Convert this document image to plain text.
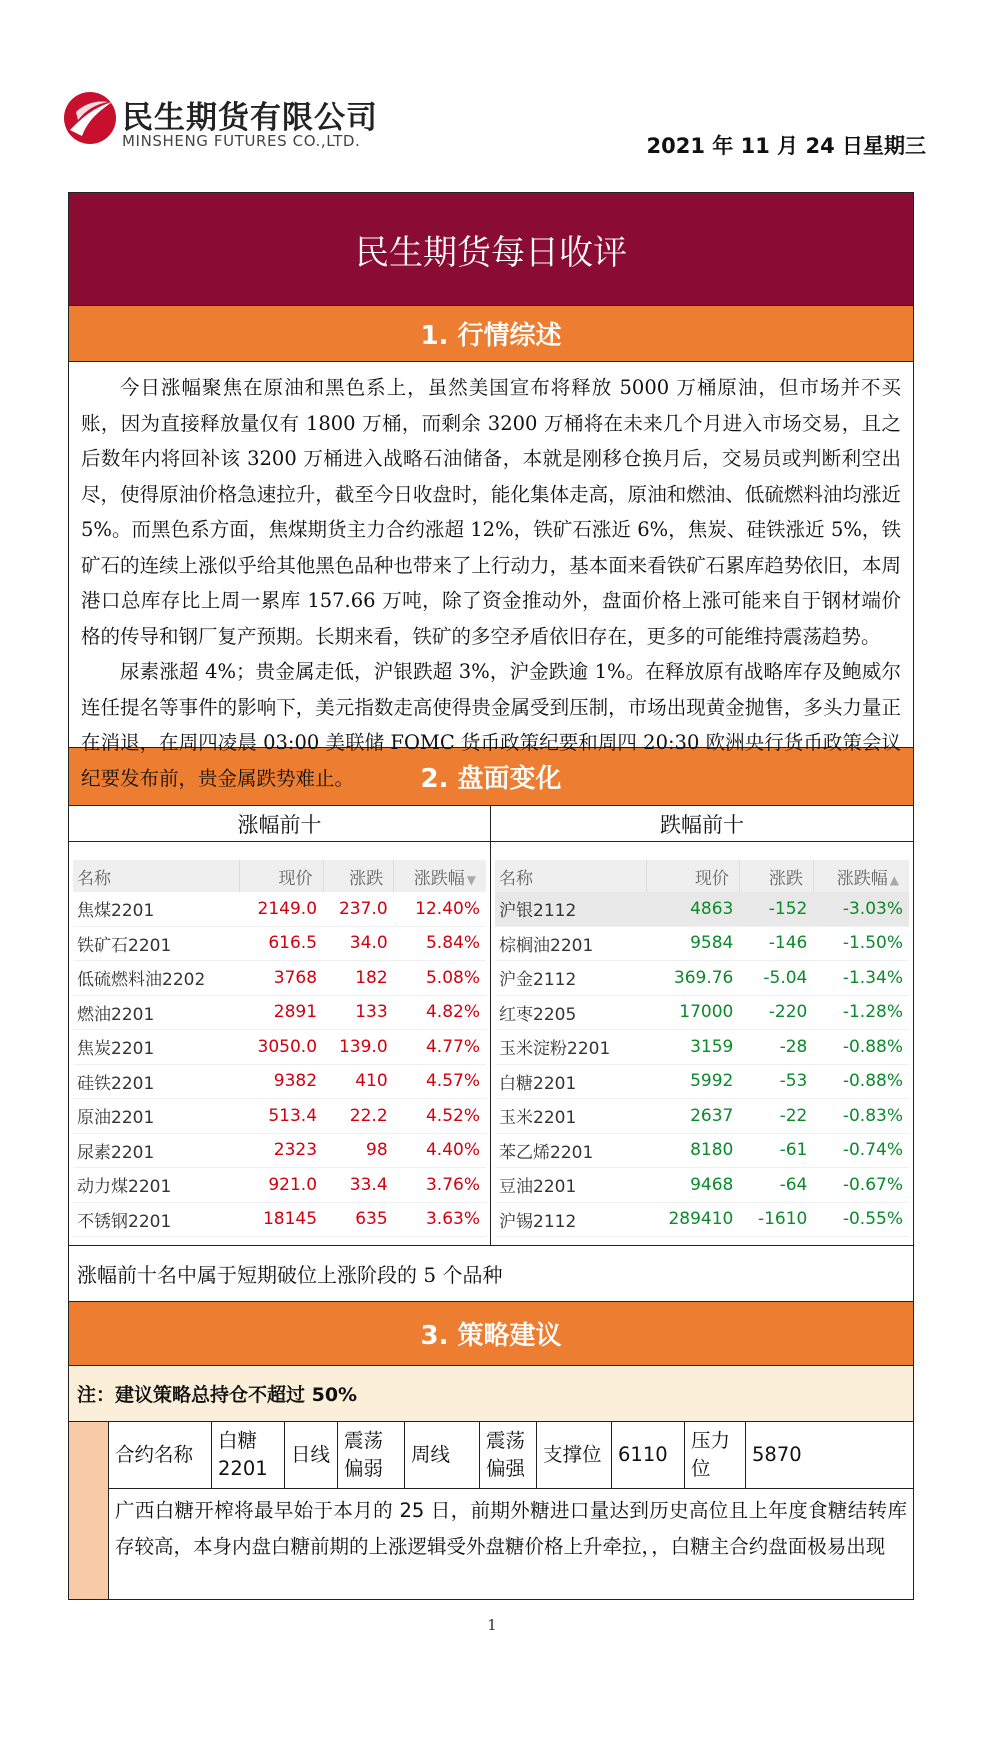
民生期货有限公司
MINSHENG FUTURES CO.,LTD.	2021 年 11 月 24 日星期三
民生期货每日收评
1. 行情综述

今日涨幅聚焦在原油和黑色系上，虽然美国宣布将释放 5000 万桶原油，但市场并不买账，因为直接释放量仅有 1800 万桶，而剩余 3200 万桶将在未来几个月进入市场交易，且之后数年内将回补该 3200 万桶进入战略石油储备，本就是刚移仓换月后，交易员或判断利空出尽，使得原油价格急速拉升，截至今日收盘时，能化集体走高，原油和燃油、低硫燃料油均涨近 5%。而黑色系方面，焦煤期货主力合约涨超 12%，铁矿石涨近 6%，焦炭、硅铁涨近 5%，铁矿石的连续上涨似乎给其他黑色品种也带来了上行动力，基本面来看铁矿石累库趋势依旧，本周港口总库存比上周一累库 157.66 万吨，除了资金推动外，盘面价格上涨可能来自于钢材端价格的传导和钢厂复产预期。长期来看，铁矿的多空矛盾依旧存在，更多的可能维持震荡趋势。

尿素涨超 4%；贵金属走低，沪银跌超 3%，沪金跌逾 1%。在释放原有战略库存及鲍威尔连任提名等事件的影响下，美元指数走高使得贵金属受到压制，市场出现黄金抛售，多头力量正在消退，在周四凌晨 03:00 美联储 FOMC 货币政策纪要和周四 20:30 欧洲央行货币政策会议纪要发布前，贵金属跌势难止。	2. 盘面变化
涨幅前十
名称	现价	涨跌	涨跌幅 ▼
焦煤2201	2149.0	237.0	12.40%
铁矿石2201	616.5	34.0	5.84%
低硫燃料油2202	3768	182	5.08%
燃油2201	2891	133	4.82%
焦炭2201	3050.0	139.0	4.77%
硅铁2201	9382	410	4.57%
原油2201	513.4	22.2	4.52%
尿素2201	2323	98	4.40%
动力煤2201	921.0	33.4	3.76%
不锈钢2201	18145	635	3.63%
跌幅前十
名称	现价	涨跌	涨跌幅 ▲
沪银2112	4863	-152	-3.03%
棕榈油2201	9584	-146	-1.50%
沪金2112	369.76	-5.04	-1.34%
红枣2205	17000	-220	-1.28%
玉米淀粉2201	3159	-28	-0.88%
白糖2201	5992	-53	-0.88%
玉米2201	2637	-22	-0.83%
苯乙烯2201	8180	-61	-0.74%
豆油2201	9468	-64	-0.67%
沪锡2112	289410	-1610	-0.55%
涨幅前十名中属于短期破位上涨阶段的 5 个品种
3. 策略建议
注：建议策略总持仓不超过 50%
合约名称	白糖 2201	日线	震荡偏弱	周线	震荡偏强	支撑位	6110	压力位	5870
广西白糖开榨将最早始于本月的 25 日，前期外糖进口量达到历史高位且上年度食糖结转库存较高，本身内盘白糖前期的上涨逻辑受外盘糖价格上升牵拉，，白糖主合约盘面极易出现
1
